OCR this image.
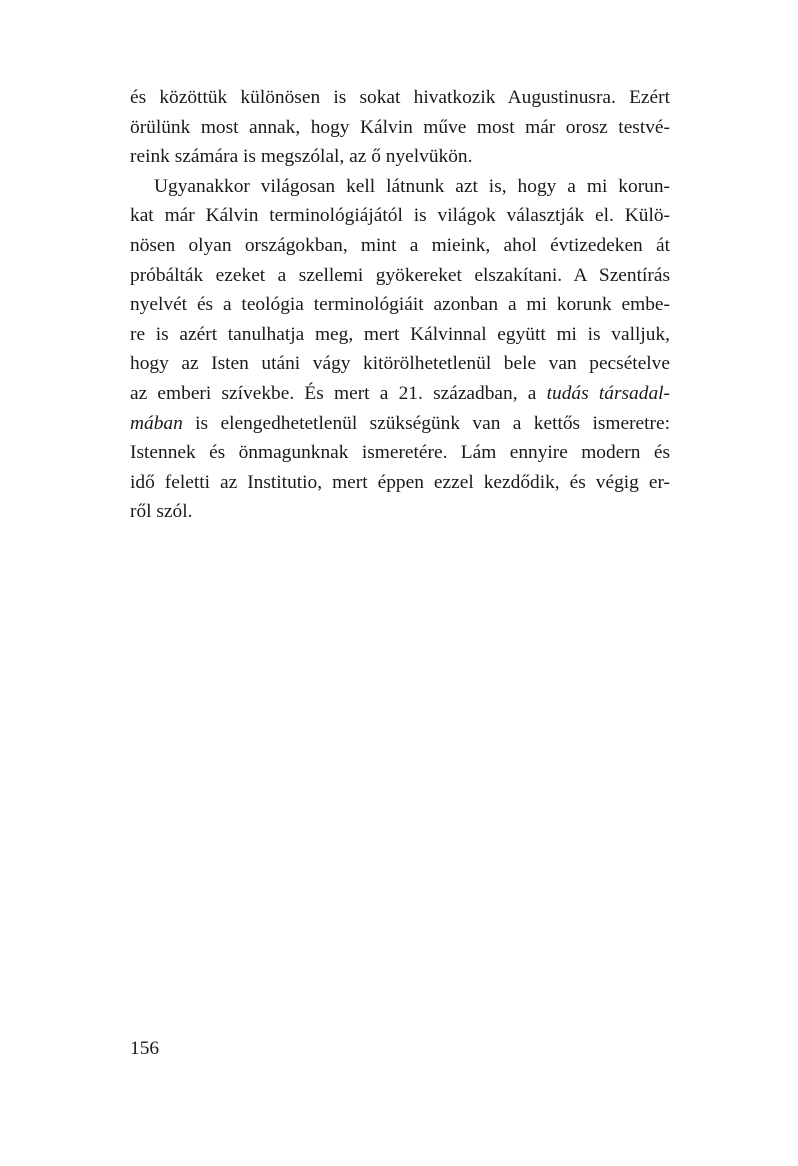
és közöttük különösen is sokat hivatkozik Augustinusra. Ezért
örülünk most annak, hogy Kálvin műve most már orosz testvé-
reink számára is megszólal, az ő nyelvükön.
Ugyanakkor világosan kell látnunk azt is, hogy a mi korun-
kat már Kálvin terminológiájától is világok választják el. Külö-
nösen olyan országokban, mint a mieink, ahol évtizedeken át
próbálták ezeket a szellemi gyökereket elszakítani. A Szentírás
nyelvét és a teológia terminológiáit azonban a mi korunk embe-
re is azért tanulhatja meg, mert Kálvinnal együtt mi is valljuk,
hogy az Isten utáni vágy kitörölhetetlenül bele van pecsételve
az emberi szívekbe. És mert a 21. században, a tudás társadal-
mában is elengedhetetlenül szükségünk van a kettős ismeretre:
Istennek és önmagunknak ismeretére. Lám ennyire modern és
idő feletti az Institutio, mert éppen ezzel kezdődik, és végig er-
ről szól.
156
